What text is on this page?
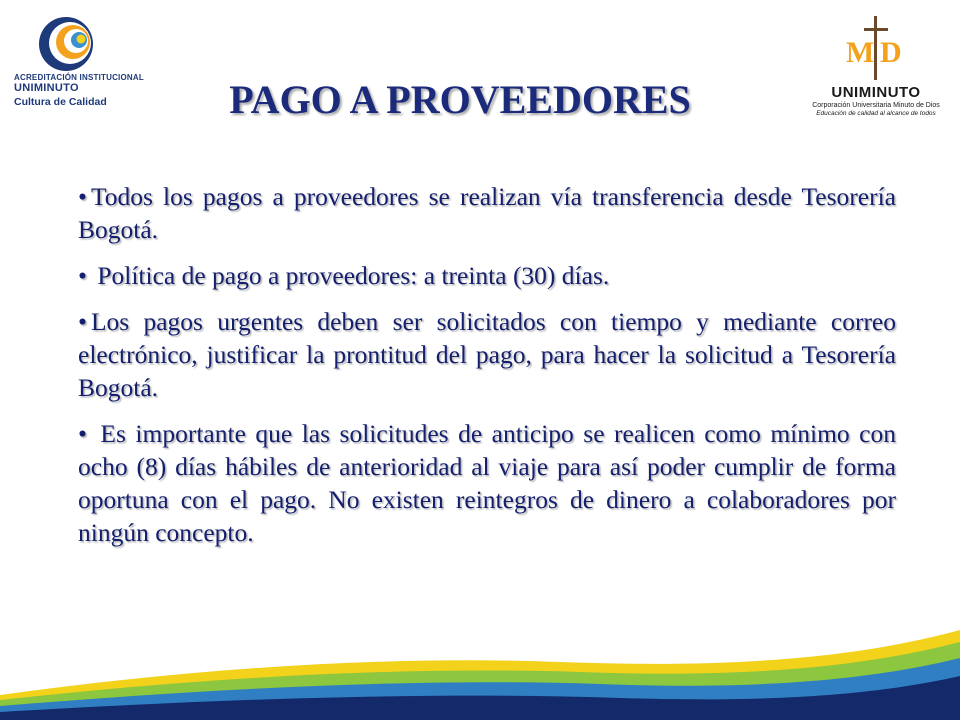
ACREDITACIÓN INSTITUCIONAL
UNIMINUTO
Cultura de Calidad
M D
UNIMINUTO
Corporación Universitaria Minuto de Dios
Educación de calidad al alcance de todos
PAGO A PROVEEDORES
• Todos los pagos a proveedores se realizan vía transferencia desde Tesorería Bogotá.
• Política de pago a proveedores: a treinta (30) días.
• Los pagos urgentes deben ser solicitados con tiempo y mediante correo electrónico, justificar la prontitud del pago, para hacer la solicitud a Tesorería Bogotá.
• Es importante que las solicitudes de anticipo se realicen como mínimo con ocho (8) días hábiles de anterioridad al viaje para así poder cumplir de forma oportuna con el pago. No existen reintegros de dinero a colaboradores por ningún concepto.
